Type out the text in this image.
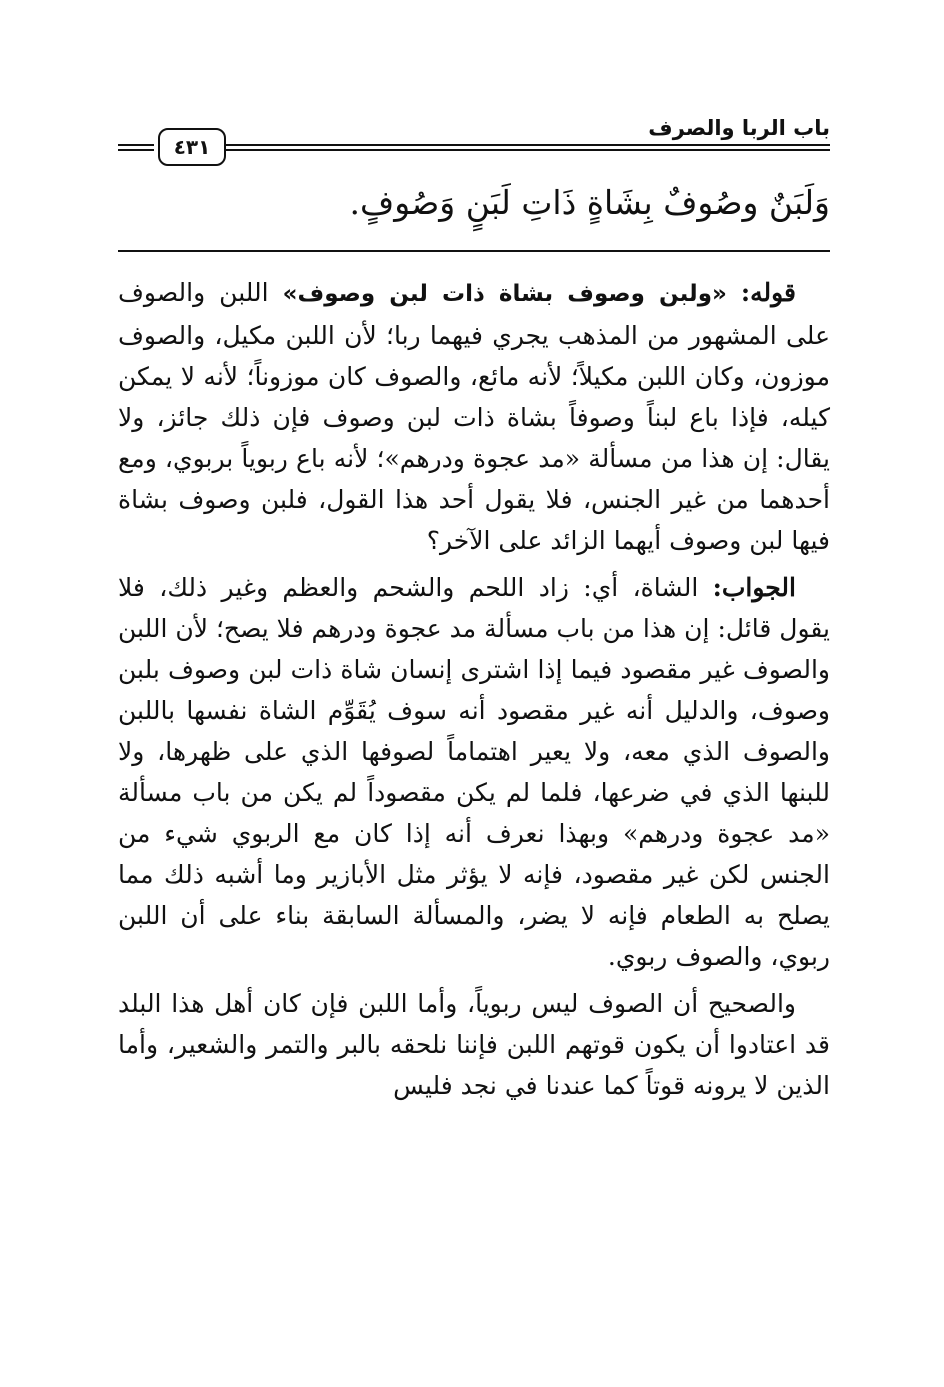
باب الربا والصرف
٤٣١
وَلَبَنٌ وصُوفٌ بِشَاةٍ ذَاتِ لَبَنٍ وَصُوفٍ.

قوله: «ولبن وصوف بشاة ذات لبن وصوف» اللبن والصوف على المشهور من المذهب يجري فيهما ربا؛ لأن اللبن مكيل، والصوف موزون، وكان اللبن مكيلاً؛ لأنه مائع، والصوف كان موزوناً؛ لأنه لا يمكن كيله، فإذا باع لبناً وصوفاً بشاة ذات لبن وصوف فإن ذلك جائز، ولا يقال: إن هذا من مسألة «مد عجوة ودرهم»؛ لأنه باع ربوياً بربوي، ومع أحدهما من غير الجنس، فلا يقول أحد هذا القول، فلبن وصوف بشاة فيها لبن وصوف أيهما الزائد على الآخر؟

الجواب: الشاة، أي: زاد اللحم والشحم والعظم وغير ذلك، فلا يقول قائل: إن هذا من باب مسألة مد عجوة ودرهم فلا يصح؛ لأن اللبن والصوف غير مقصود فيما إذا اشترى إنسان شاة ذات لبن وصوف بلبن وصوف، والدليل أنه غير مقصود أنه سوف يُقَوِّم الشاة نفسها باللبن والصوف الذي معه، ولا يعير اهتماماً لصوفها الذي على ظهرها، ولا للبنها الذي في ضرعها، فلما لم يكن مقصوداً لم يكن من باب مسألة «مد عجوة ودرهم» وبهذا نعرف أنه إذا كان مع الربوي شيء من الجنس لكن غير مقصود، فإنه لا يؤثر مثل الأبازير وما أشبه ذلك مما يصلح به الطعام فإنه لا يضر، والمسألة السابقة بناء على أن اللبن ربوي، والصوف ربوي.

والصحيح أن الصوف ليس ربوياً، وأما اللبن فإن كان أهل هذا البلد قد اعتادوا أن يكون قوتهم اللبن فإننا نلحقه بالبر والتمر والشعير، وأما الذين لا يرونه قوتاً كما عندنا في نجد فليس
